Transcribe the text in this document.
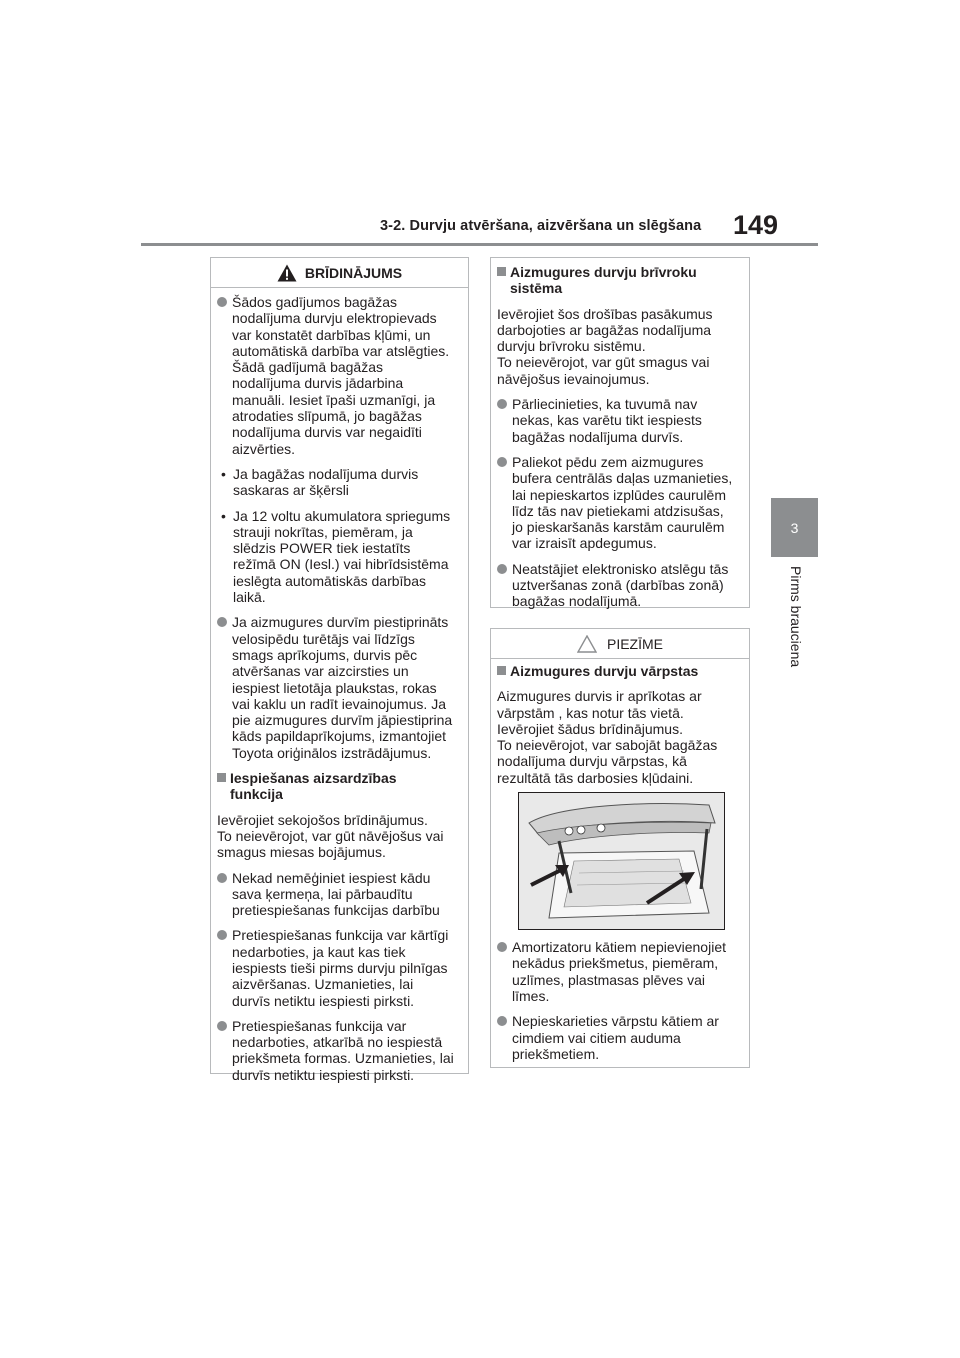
3-2. Durvju atvēršana, aizvēršana un slēgšana 149
3
Pirms brauciena
BRĪDINĀJUMS
Šādos gadījumos bagāžas
nodalījuma durvju elektropievads
var konstatēt darbības kļūmi, un
automātiskā darbība var atslēgties.
Šādā gadījumā bagāžas
nodalījuma durvis jādarbina
manuāli. Iesiet īpaši uzmanīgi, ja
atrodaties slīpumā, jo bagāžas
nodalījuma durvis var negaidīti
aizvērties.
• Ja bagāžas nodalījuma durvis
saskaras ar šķērsli
• Ja 12 voltu akumulatora spriegums
strauji nokrītas, piemēram, ja
slēdzis POWER tiek iestatīts
režīmā ON (Iesl.) vai hibrīdsistēma
ieslēgta automātiskās darbības
laikā.
Ja aizmugures durvīm piestiprināts
velosipēdu turētājs vai līdzīgs
smags aprīkojums, durvis pēc
atvēršanas var aizcirsties un
iespiest lietotāja plaukstas, rokas
vai kaklu un radīt ievainojumus. Ja
pie aizmugures durvīm jāpiestiprina
kāds papildaprīkojums, izmantojiet
Toyota oriģinālos izstrādājumus.
Iespiešanas aizsardzības
funkcija
Ievērojiet sekojošos brīdinājumus.
To neievērojot, var gūt nāvējošus vai
smagus miesas bojājumus.
Nekad nemēģiniet iespiest kādu
sava ķermeņa, lai pārbaudītu
pretiespiešanas funkcijas darbību
Pretiespiešanas funkcija var kārtīgi
nedarboties, ja kaut kas tiek
iespiests tieši pirms durvju pilnīgas
aizvēršanas. Uzmanieties, lai
durvīs netiktu iespiesti pirksti.
Pretiespiešanas funkcija var
nedarboties, atkarībā no iespiestā
priekšmeta formas. Uzmanieties, lai
durvīs netiktu iespiesti pirksti.
Aizmugures durvju brīvroku
sistēma
Ievērojiet šos drošības pasākumus
darbojoties ar bagāžas nodalījuma
durvju brīvroku sistēmu.
To neievērojot, var gūt smagus vai
nāvējošus ievainojumus.
Pārliecinieties, ka tuvumā nav
nekas, kas varētu tikt iespiests
bagāžas nodalījuma durvīs.
Paliekot pēdu zem aizmugures
bufera centrālās daļas uzmanieties,
lai nepieskartos izplūdes caurulēm
līdz tās nav pietiekami atdzisušas,
jo pieskaršanās karstām caurulēm
var izraisīt apdegumus.
Neatstājiet elektronisko atslēgu tās
uztveršanas zonā (darbības zonā)
bagāžas nodalījumā.
PIEZĪME
Aizmugures durvju vārpstas
Aizmugures durvis ir aprīkotas ar
vārpstām , kas notur tās vietā.
Ievērojiet šādus brīdinājumus.
To neievērojot, var sabojāt bagāžas
nodalījuma durvju vārpstas, kā
rezultātā tās darbosies kļūdaini.
Amortizatoru kātiem nepievienojiet
nekādus priekšmetus, piemēram,
uzlīmes, plastmasas plēves vai
līmes.
Nepieskarieties vārpstu kātiem ar
cimdiem vai citiem auduma
priekšmetiem.
